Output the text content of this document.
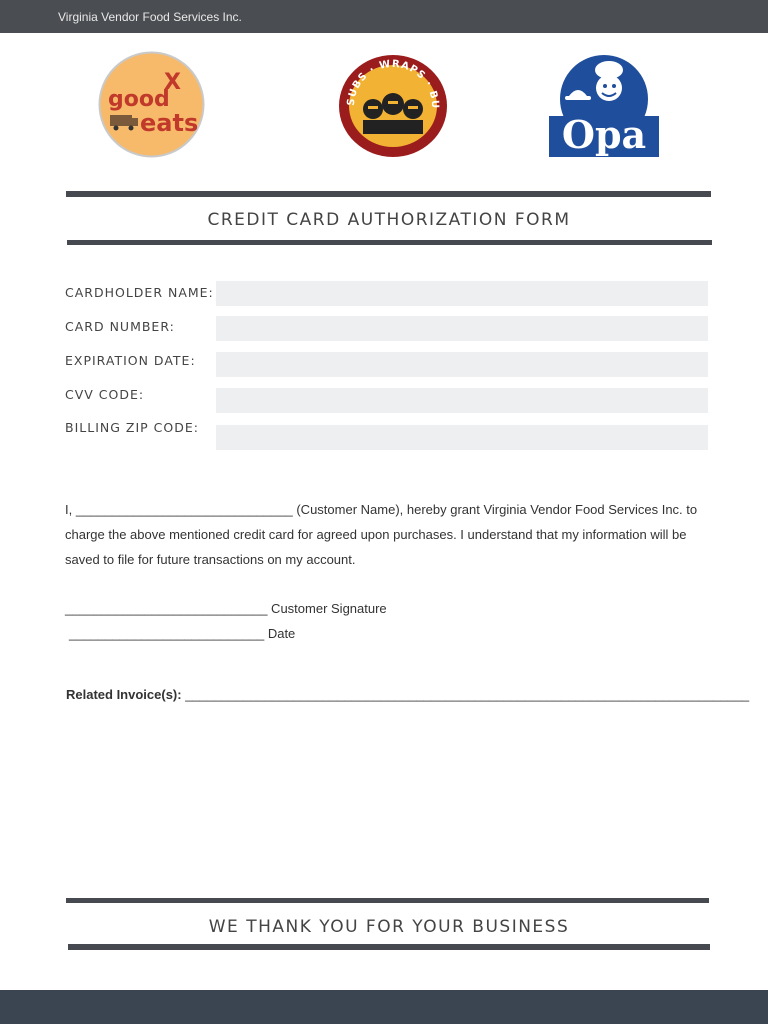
Virginia Vendor Food Services Inc.
good
X
eats
SUBS · WRAPS · BU
Opa
CREDIT CARD AUTHORIZATION FORM
CARDHOLDER NAME:
CARD NUMBER:
EXPIRATION DATE:
CVV CODE:
BILLING ZIP CODE:
I, ______________________________ (Customer Name), hereby grant Virginia Vendor Food Services Inc. to charge the above mentioned credit card for agreed upon purchases. I understand that my information will be saved to file for future transactions on my account.
____________________________ Customer Signature
___________________________ Date
Related Invoice(s): ______________________________________________________________________________
WE THANK YOU FOR YOUR BUSINESS
